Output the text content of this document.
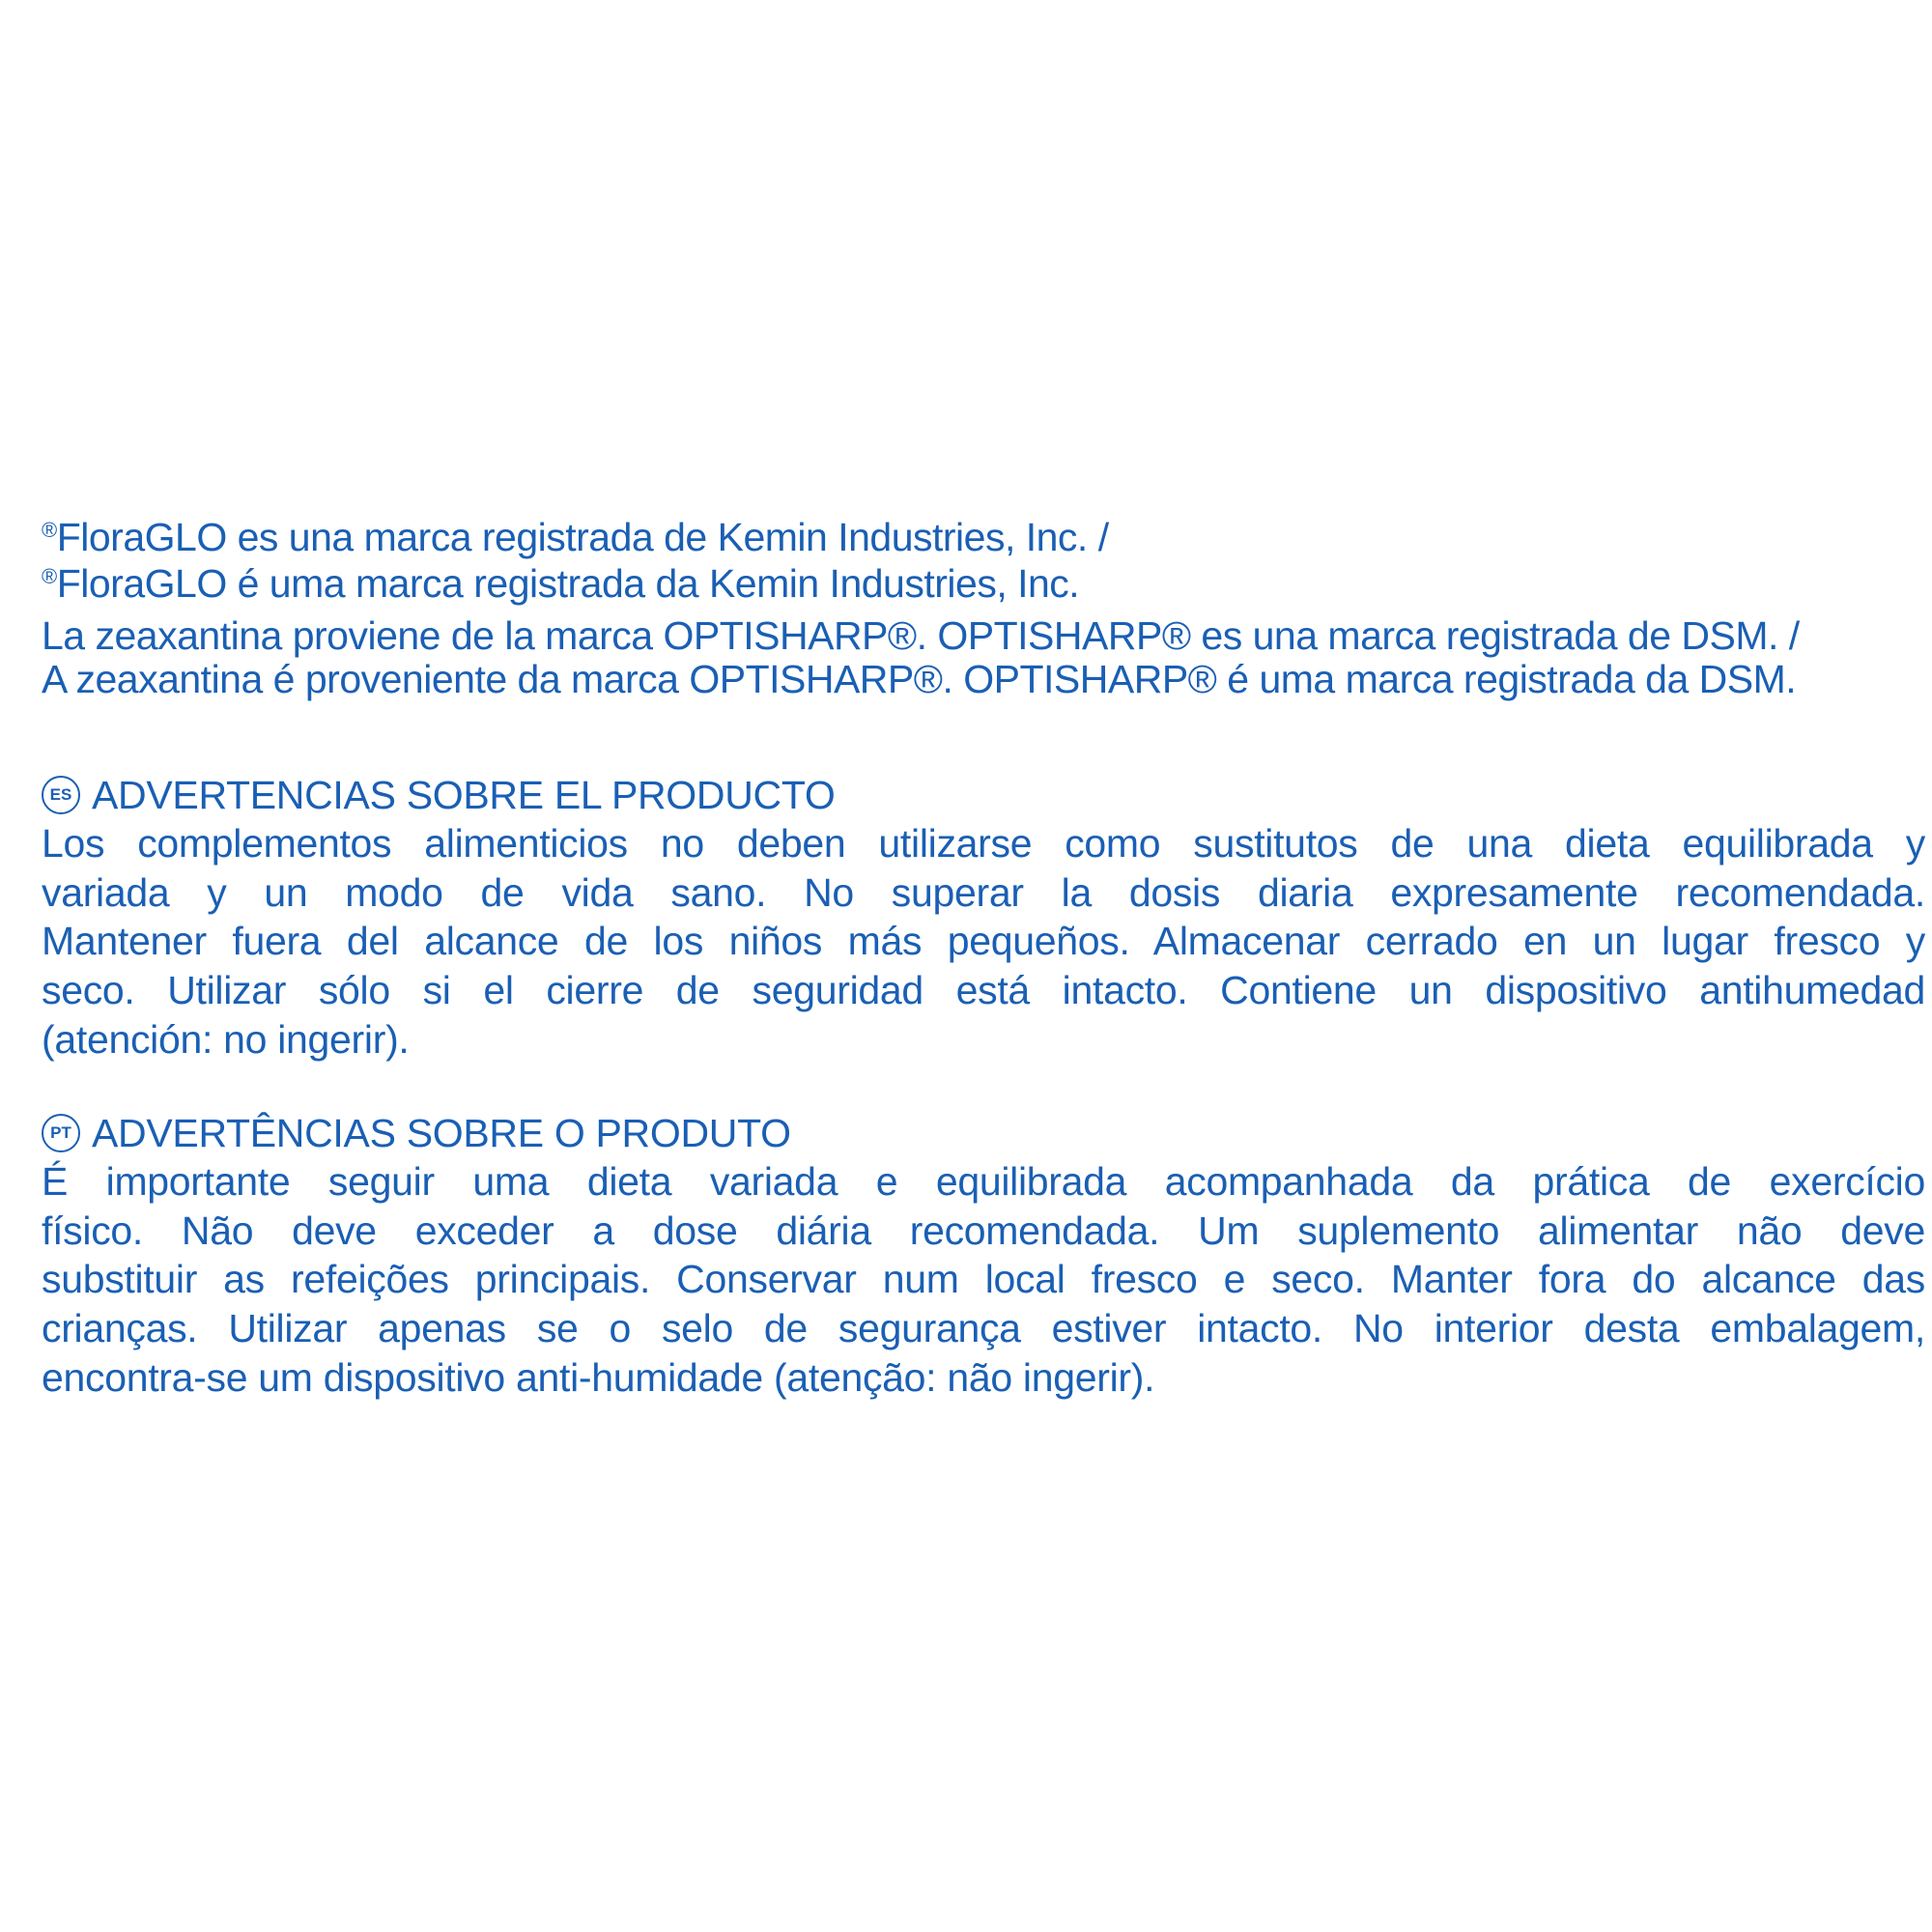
®FloraGLO es una marca registrada de Kemin Industries, Inc. /
®FloraGLO é uma marca registrada da Kemin Industries, Inc.
La zeaxantina proviene de la marca OPTISHARP®. OPTISHARP® es una marca registrada de DSM. /
A zeaxantina é proveniente da marca OPTISHARP®. OPTISHARP® é uma marca registrada da DSM.
ES ADVERTENCIAS SOBRE EL PRODUCTO
Los complementos alimenticios no deben utilizarse como sustitutos de una dieta equilibrada y
variada y un modo de vida sano. No superar la dosis diaria expresamente recomendada.
Mantener fuera del alcance de los niños más pequeños. Almacenar cerrado en un lugar fresco y
seco. Utilizar sólo si el cierre de seguridad está intacto. Contiene un dispositivo antihumedad
(atención: no ingerir).
PT ADVERTÊNCIAS SOBRE O PRODUTO
É importante seguir uma dieta variada e equilibrada acompanhada da prática de exercício
físico. Não deve exceder a dose diária recomendada. Um suplemento alimentar não deve
substituir as refeições principais. Conservar num local fresco e seco. Manter fora do alcance das
crianças. Utilizar apenas se o selo de segurança estiver intacto. No interior desta embalagem,
encontra-se um dispositivo anti-humidade (atenção: não ingerir).
